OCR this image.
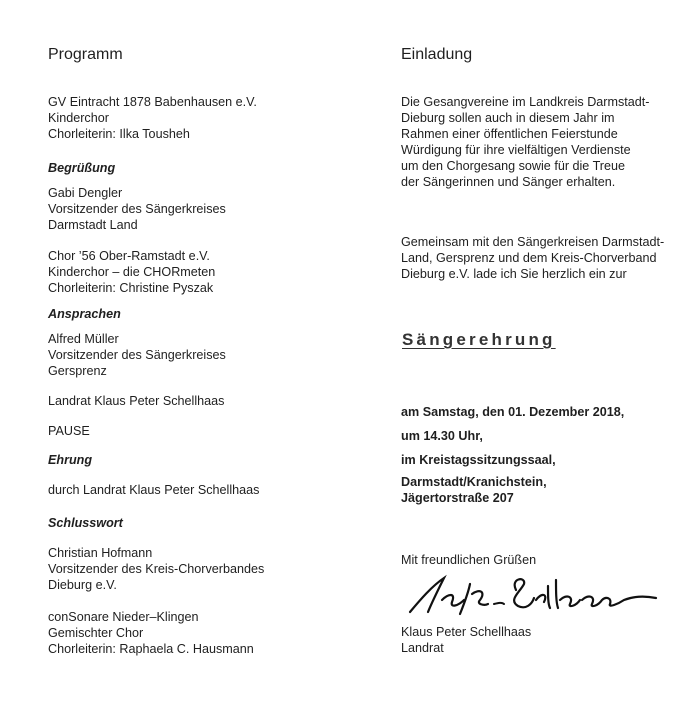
Programm
GV Eintracht 1878 Babenhausen e.V.
Kinderchor
Chorleiterin: Ilka Tousheh
Begrüßung
Gabi Dengler
Vorsitzender des Sängerkreises
Darmstadt Land
Chor ’56 Ober-Ramstadt e.V.
Kinderchor – die CHORmeten
Chorleiterin: Christine Pyszak
Ansprachen
Alfred Müller
Vorsitzender des Sängerkreises
Gersprenz
Landrat Klaus Peter Schellhaas
PAUSE
Ehrung
durch Landrat Klaus Peter Schellhaas
Schlusswort
Christian Hofmann
Vorsitzender des Kreis-Chorverbandes
Dieburg e.V.
conSonare Nieder–Klingen
Gemischter Chor
Chorleiterin: Raphaela C. Hausmann
Einladung
Die Gesangvereine im Landkreis Darmstadt-
Dieburg sollen auch in diesem Jahr im
Rahmen einer öffentlichen Feierstunde
Würdigung für ihre vielfältigen Verdienste
um den Chorgesang sowie für die Treue
der Sängerinnen und Sänger erhalten.
Gemeinsam mit den Sängerkreisen Darmstadt-
Land, Gersprenz und dem Kreis-Chorverband
Dieburg e.V. lade ich Sie herzlich ein zur
Sängerehrung
am Samstag, den 01. Dezember 2018,
um 14.30 Uhr,
im Kreistagssitzungssaal,
Darmstadt/Kranichstein,
Jägertorstraße 207
Mit freundlichen Grüßen
Klaus Peter Schellhaas
Landrat
